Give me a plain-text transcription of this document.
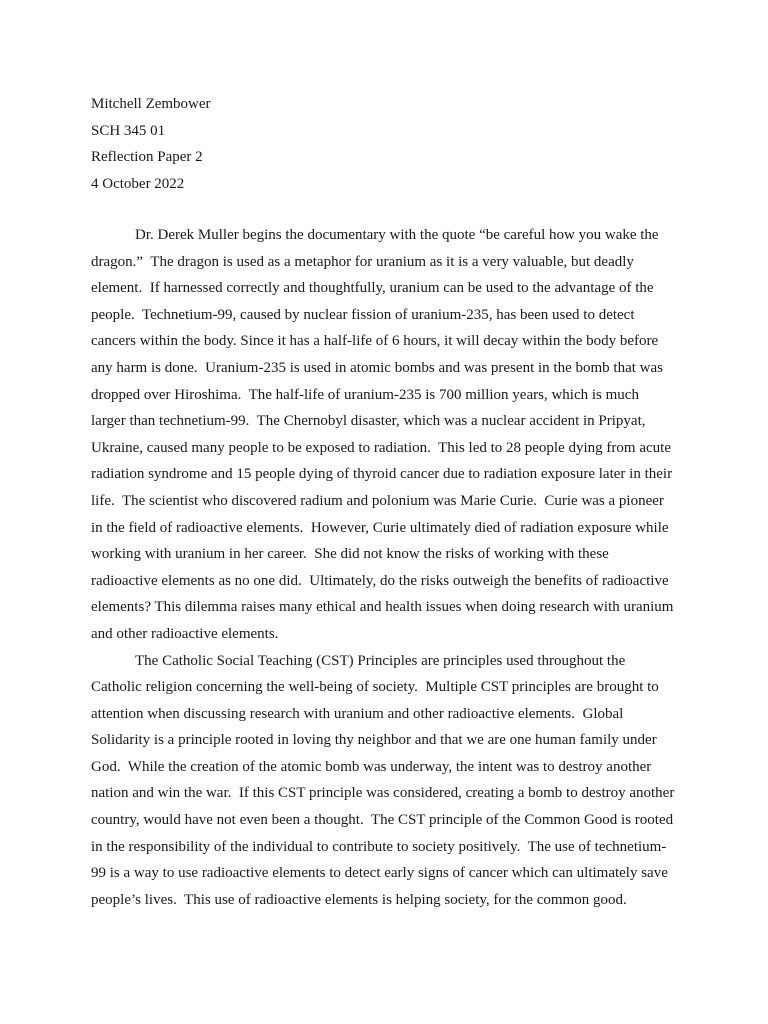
Mitchell Zembower
SCH 345 01
Reflection Paper 2
4 October 2022
Dr. Derek Muller begins the documentary with the quote “be careful how you wake the
dragon.”  The dragon is used as a metaphor for uranium as it is a very valuable, but deadly
element.  If harnessed correctly and thoughtfully, uranium can be used to the advantage of the
people.  Technetium-99, caused by nuclear fission of uranium-235, has been used to detect
cancers within the body. Since it has a half-life of 6 hours, it will decay within the body before
any harm is done.  Uranium-235 is used in atomic bombs and was present in the bomb that was
dropped over Hiroshima.  The half-life of uranium-235 is 700 million years, which is much
larger than technetium-99.  The Chernobyl disaster, which was a nuclear accident in Pripyat,
Ukraine, caused many people to be exposed to radiation.  This led to 28 people dying from acute
radiation syndrome and 15 people dying of thyroid cancer due to radiation exposure later in their
life.  The scientist who discovered radium and polonium was Marie Curie.  Curie was a pioneer
in the field of radioactive elements.  However, Curie ultimately died of radiation exposure while
working with uranium in her career.  She did not know the risks of working with these
radioactive elements as no one did.  Ultimately, do the risks outweigh the benefits of radioactive
elements? This dilemma raises many ethical and health issues when doing research with uranium
and other radioactive elements.
The Catholic Social Teaching (CST) Principles are principles used throughout the
Catholic religion concerning the well-being of society.  Multiple CST principles are brought to
attention when discussing research with uranium and other radioactive elements.  Global
Solidarity is a principle rooted in loving thy neighbor and that we are one human family under
God.  While the creation of the atomic bomb was underway, the intent was to destroy another
nation and win the war.  If this CST principle was considered, creating a bomb to destroy another
country, would have not even been a thought.  The CST principle of the Common Good is rooted
in the responsibility of the individual to contribute to society positively.  The use of technetium-
99 is a way to use radioactive elements to detect early signs of cancer which can ultimately save
people’s lives.  This use of radioactive elements is helping society, for the common good.
